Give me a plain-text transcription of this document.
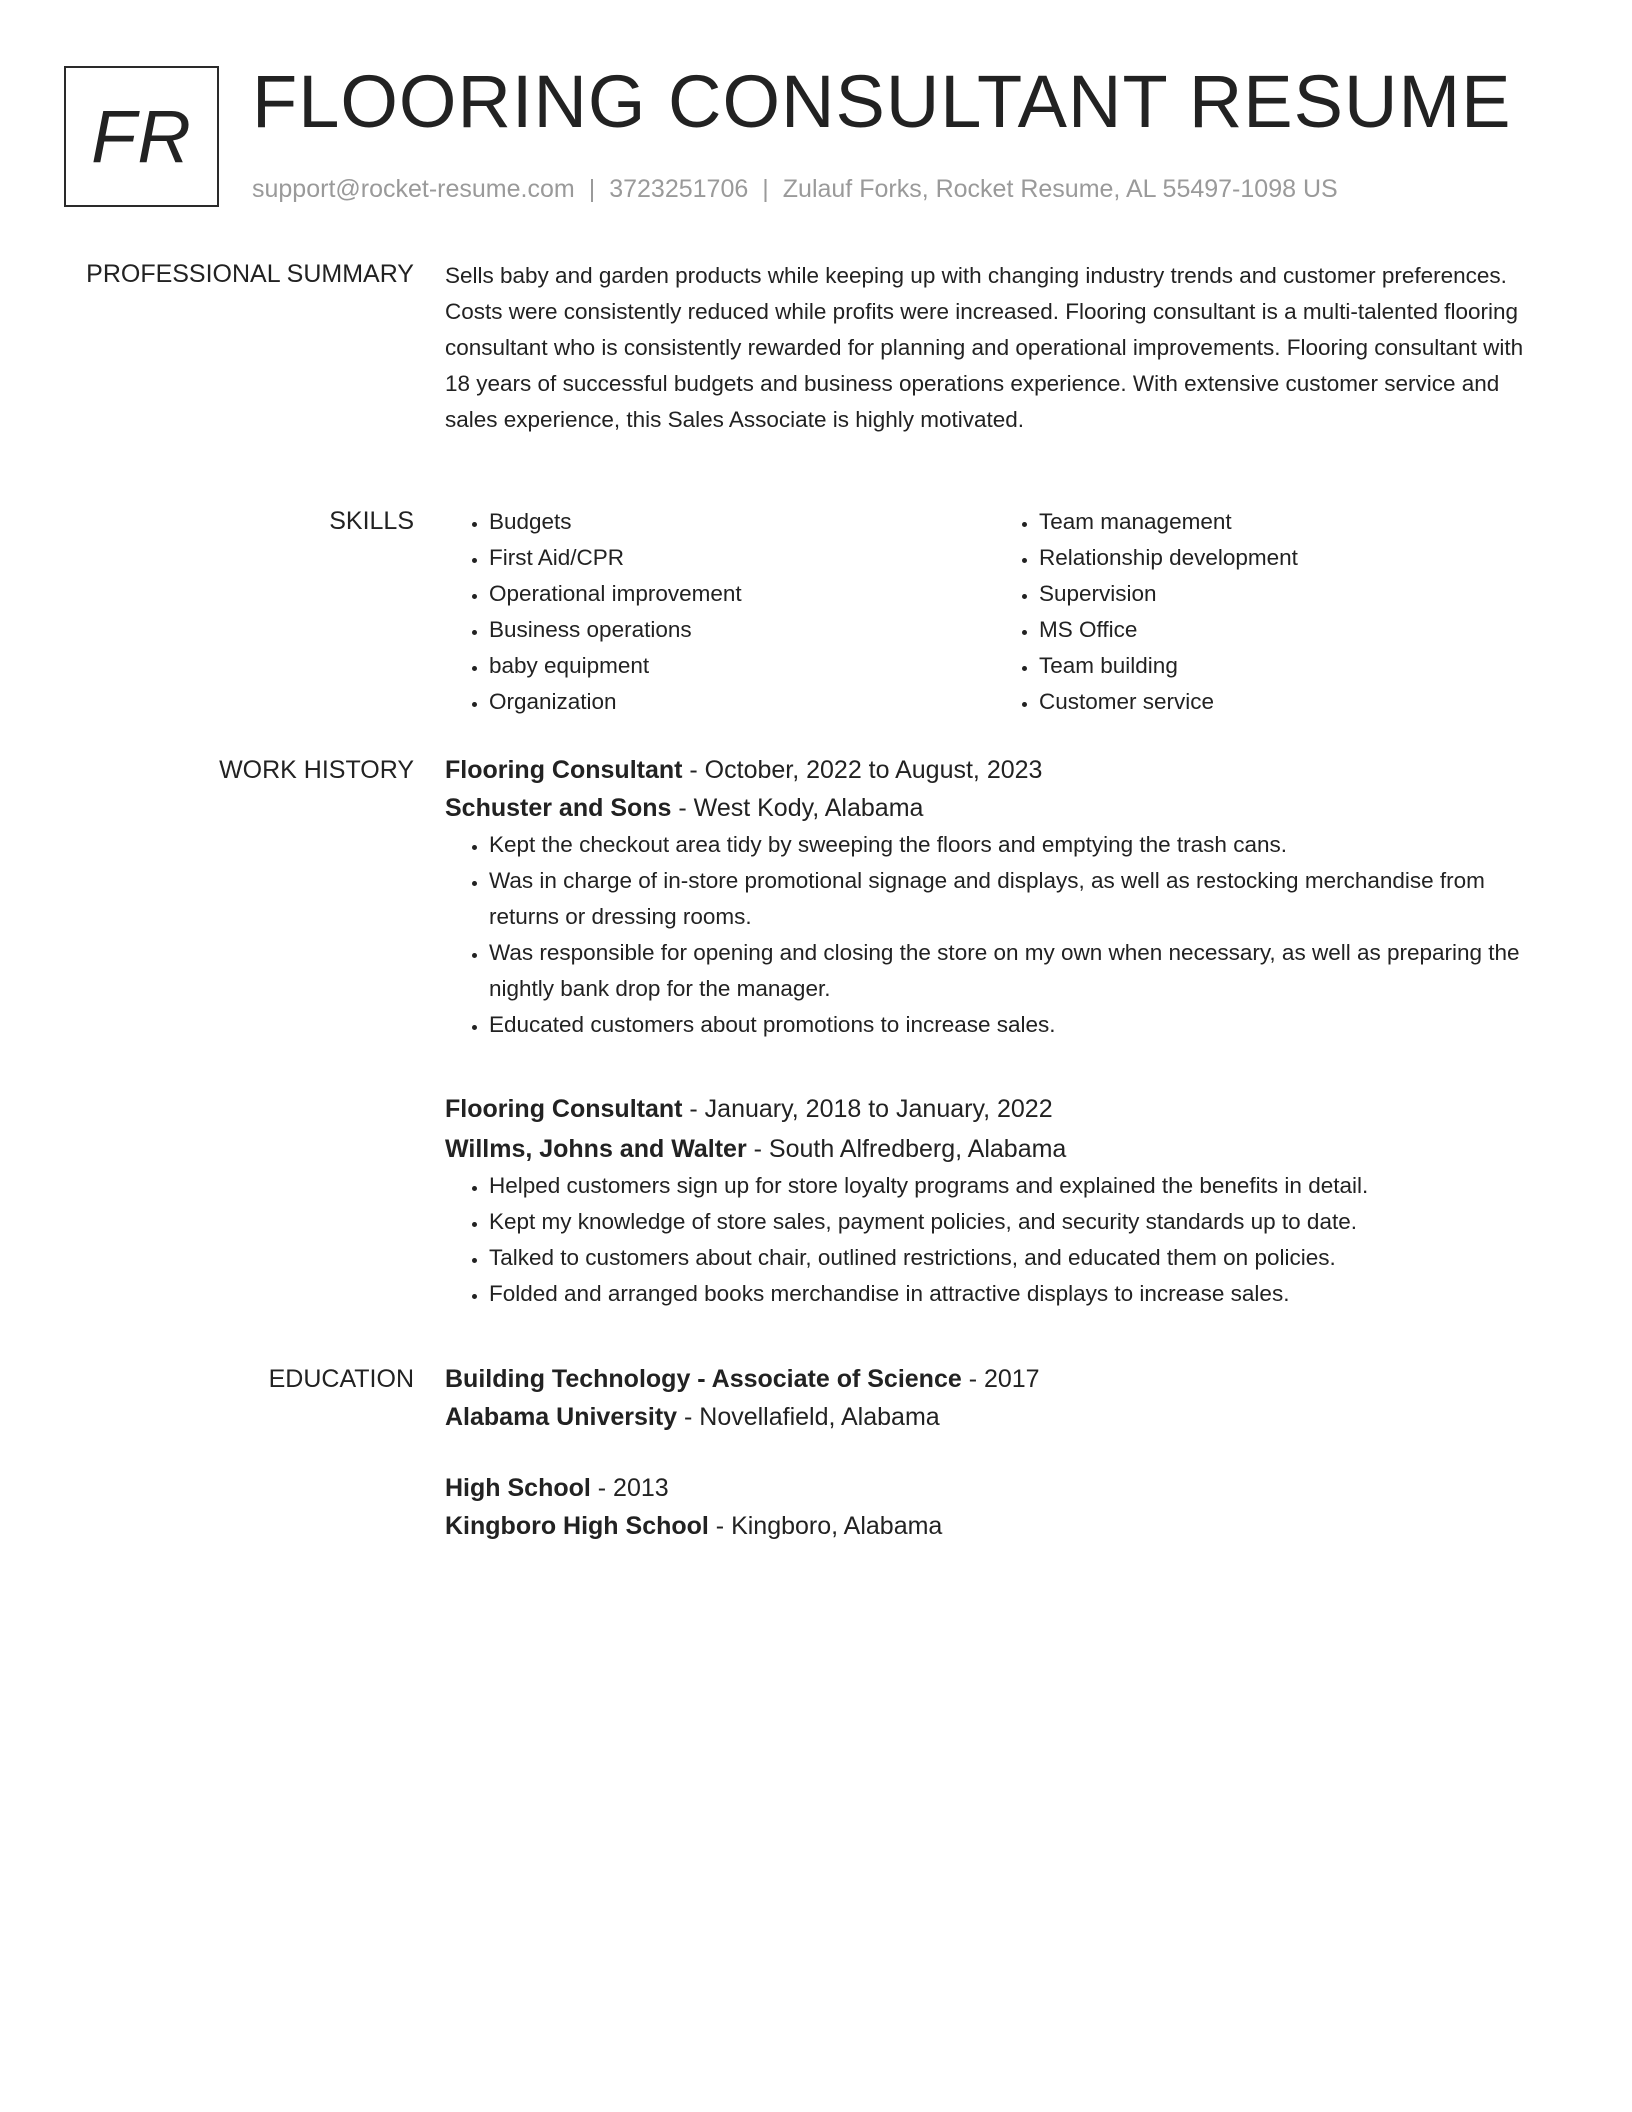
FR FLOORING CONSULTANT RESUME
support@rocket-resume.com | 3723251706 | Zulauf Forks, Rocket Resume, AL 55497-1098 US
PROFESSIONAL SUMMARY Sells baby and garden products while keeping up with changing industry trends and customer preferences. Costs were consistently reduced while profits were increased. Flooring consultant is a multi-talented flooring consultant who is consistently rewarded for planning and operational improvements. Flooring consultant with 18 years of successful budgets and business operations experience. With extensive customer service and sales experience, this Sales Associate is highly motivated.

SKILLS
•	Budgets
• First Aid/CPR
• Operational improvement
• Business operations
• baby equipment
• Organization
• Team management
• Relationship development
• Supervision
• MS Office
• Team building
• Customer service
WORK HISTORY Flooring Consultant - October, 2022 to August, 2023
Schuster and Sons - West Kody, Alabama
• Kept the checkout area tidy by sweeping the floors and emptying the trash cans.
• Was in charge of in-store promotional signage and displays, as well as restocking merchandise from returns or dressing rooms.
• Was responsible for opening and closing the store on my own when necessary, as well as preparing the nightly bank drop for the manager.
• Educated customers about promotions to increase sales.
Flooring Consultant - January, 2018 to January, 2022
Willms, Johns and Walter - South Alfredberg, Alabama
• Helped customers sign up for store loyalty programs and explained the benefits in detail.
• Kept my knowledge of store sales, payment policies, and security standards up to date.
• Talked to customers about chair, outlined restrictions, and educated them on policies.
• Folded and arranged books merchandise in attractive displays to increase sales.
EDUCATION Building Technology - Associate of Science - 2017
Alabama University - Novellafield, Alabama
High School - 2013
Kingboro High School - Kingboro, Alabama
